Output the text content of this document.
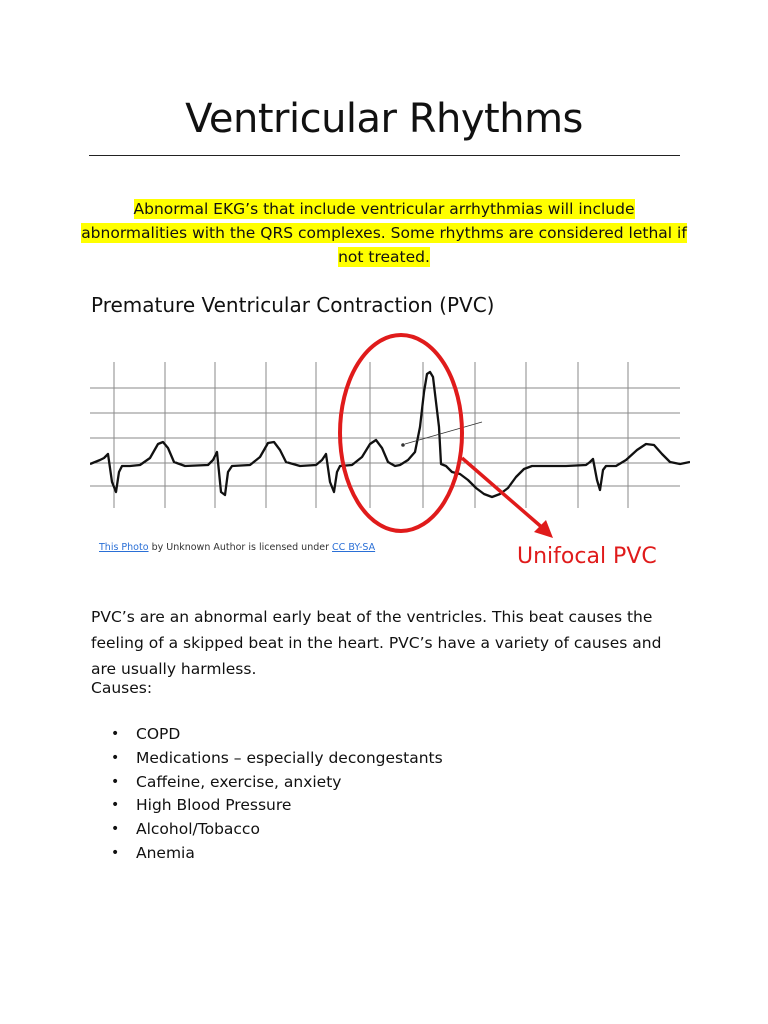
Ventricular Rhythms
Abnormal EKG’s that include ventricular arrhythmias will include abnormalities with the QRS complexes. Some rhythms are considered lethal if not treated.
Premature Ventricular Contraction (PVC)
This Photo by Unknown Author is licensed under CC BY-SA	Unifocal PVC
PVC’s are an abnormal early beat of the ventricles. This beat causes the feeling of a skipped beat in the heart. PVC’s have a variety of causes and are usually harmless.
Causes:
• COPD
• Medications – especially decongestants
• Caffeine, exercise, anxiety
• High Blood Pressure
• Alcohol/Tobacco
• Anemia
